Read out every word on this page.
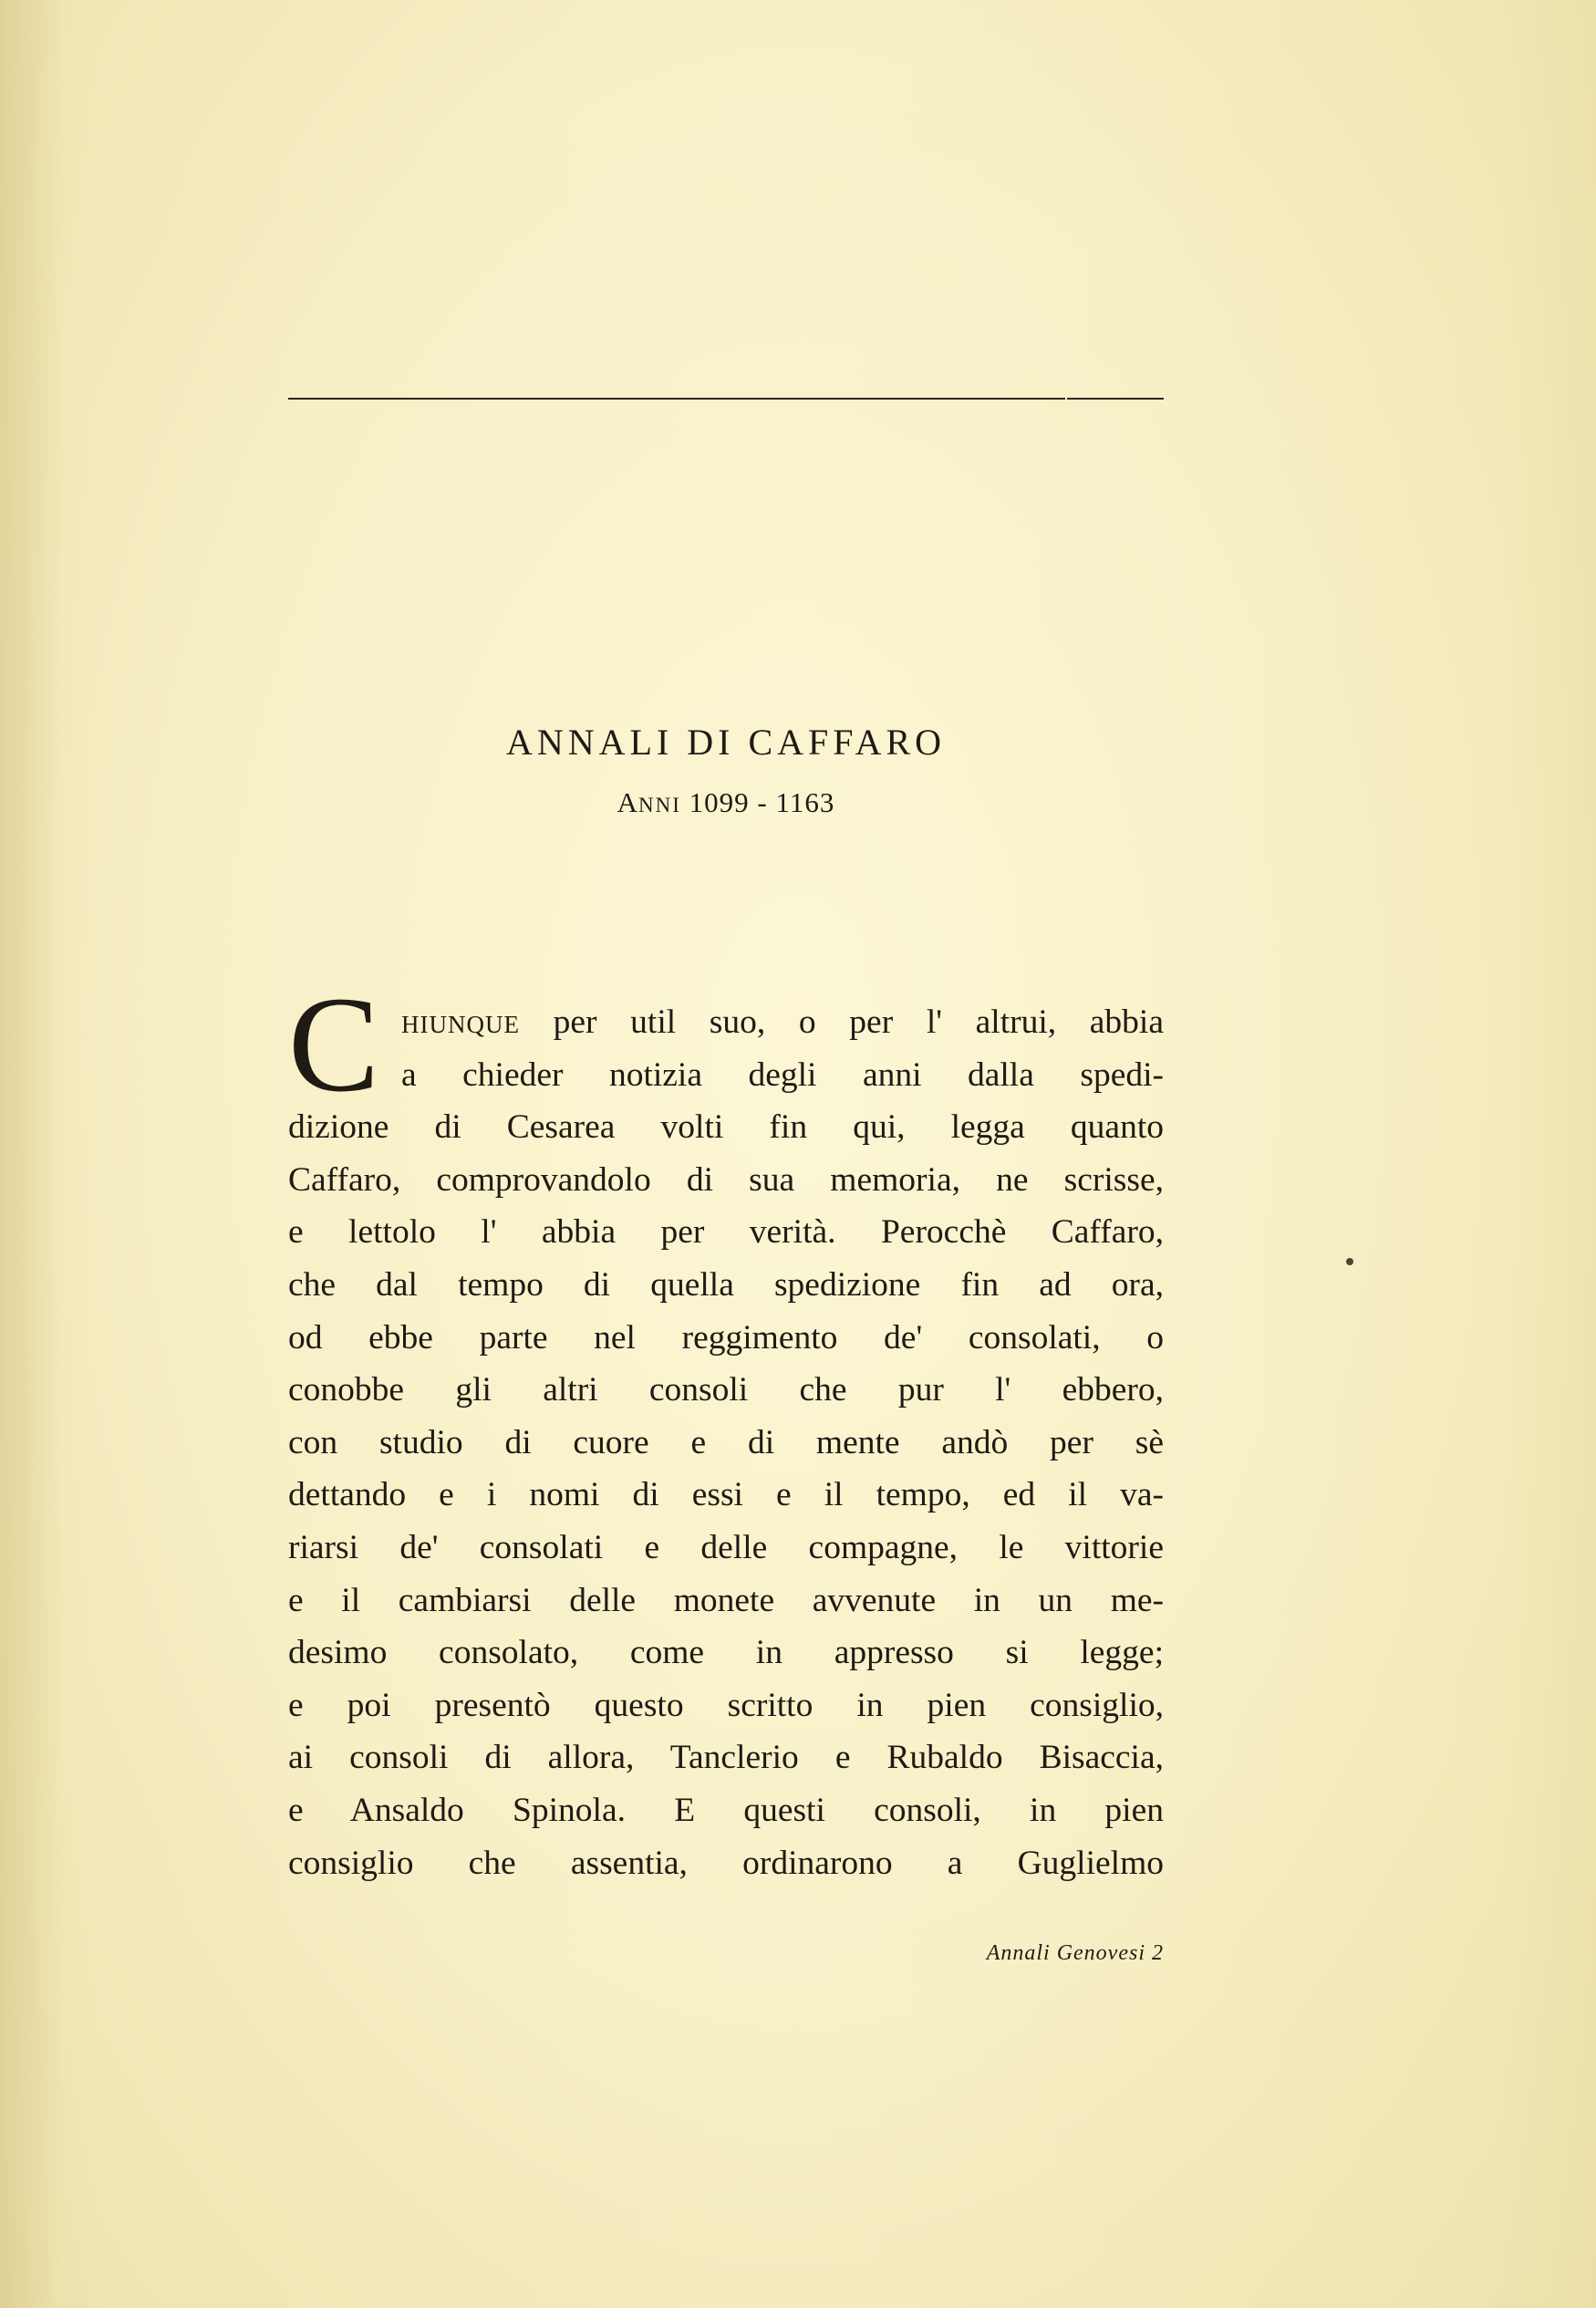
ANNALI DI CAFFARO
ANNI 1099 - 1163
C HIUNQUE per util suo, o per l' altrui, abbia
a chieder notizia degli anni dalla spedi-
dizione di Cesarea volti fin qui, legga quanto
Caffaro, comprovandolo di sua memoria, ne scrisse,
e lettolo l' abbia per verità. Perocchè Caffaro,
che dal tempo di quella spedizione fin ad ora,
od ebbe parte nel reggimento de' consolati, o
conobbe gli altri consoli che pur l' ebbero,
con studio di cuore e di mente andò per sè
dettando e i nomi di essi e il tempo, ed il va-
riarsi de' consolati e delle compagne, le vittorie
e il cambiarsi delle monete avvenute in un me-
desimo consolato, come in appresso si legge;
e poi presentò questo scritto in pien consiglio,
ai consoli di allora, Tanclerio e Rubaldo Bisaccia,
e Ansaldo Spinola. E questi consoli, in pien
consiglio che assentia, ordinarono a Guglielmo
Annali Genovesi 2
